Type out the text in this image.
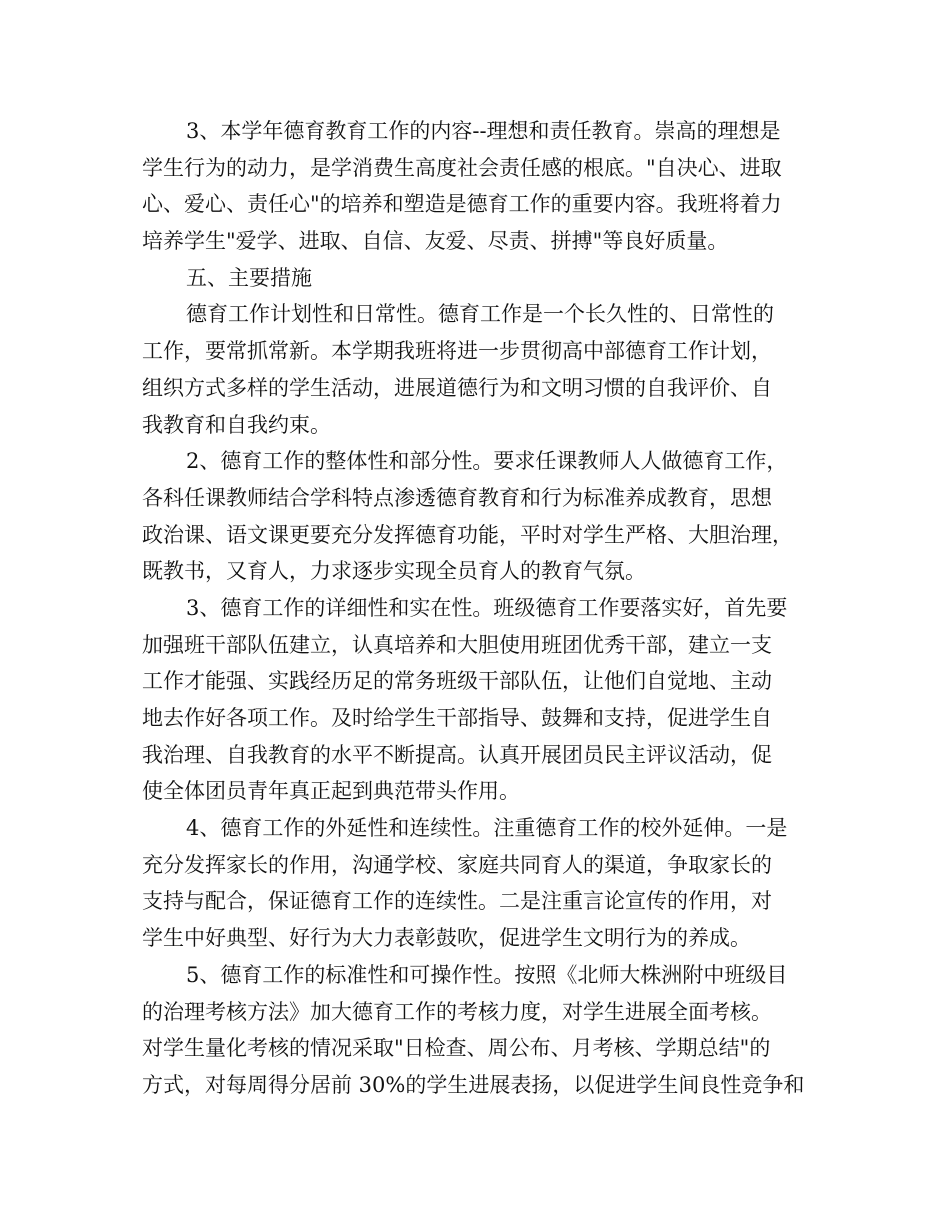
3、本学年德育教育工作的内容--理想和责任教育。崇高的理想是
学生行为的动力，是学消费生高度社会责任感的根底。"自决心、进取
心、爱心、责任心"的培养和塑造是德育工作的重要内容。我班将着力
培养学生"爱学、进取、自信、友爱、尽责、拼搏"等良好质量。
五、主要措施
德育工作计划性和日常性。德育工作是一个长久性的、日常性的
工作，要常抓常新。本学期我班将进一步贯彻高中部德育工作计划，
组织方式多样的学生活动，进展道德行为和文明习惯的自我评价、自
我教育和自我约束。
2、德育工作的整体性和部分性。要求任课教师人人做德育工作，
各科任课教师结合学科特点渗透德育教育和行为标准养成教育，思想
政治课、语文课更要充分发挥德育功能，平时对学生严格、大胆治理，
既教书，又育人，力求逐步实现全员育人的教育气氛。
3、德育工作的详细性和实在性。班级德育工作要落实好，首先要
加强班干部队伍建立，认真培养和大胆使用班团优秀干部，建立一支
工作才能强、实践经历足的常务班级干部队伍，让他们自觉地、主动
地去作好各项工作。及时给学生干部指导、鼓舞和支持，促进学生自
我治理、自我教育的水平不断提高。认真开展团员民主评议活动，促
使全体团员青年真正起到典范带头作用。
4、德育工作的外延性和连续性。注重德育工作的校外延伸。一是
充分发挥家长的作用，沟通学校、家庭共同育人的渠道，争取家长的
支持与配合，保证德育工作的连续性。二是注重言论宣传的作用，对
学生中好典型、好行为大力表彰鼓吹，促进学生文明行为的养成。
5、德育工作的标准性和可操作性。按照《北师大株洲附中班级目
的治理考核方法》加大德育工作的考核力度，对学生进展全面考核。
对学生量化考核的情况采取"日检查、周公布、月考核、学期总结"的
方式，对每周得分居前 30%的学生进展表扬，以促进学生间良性竞争和
